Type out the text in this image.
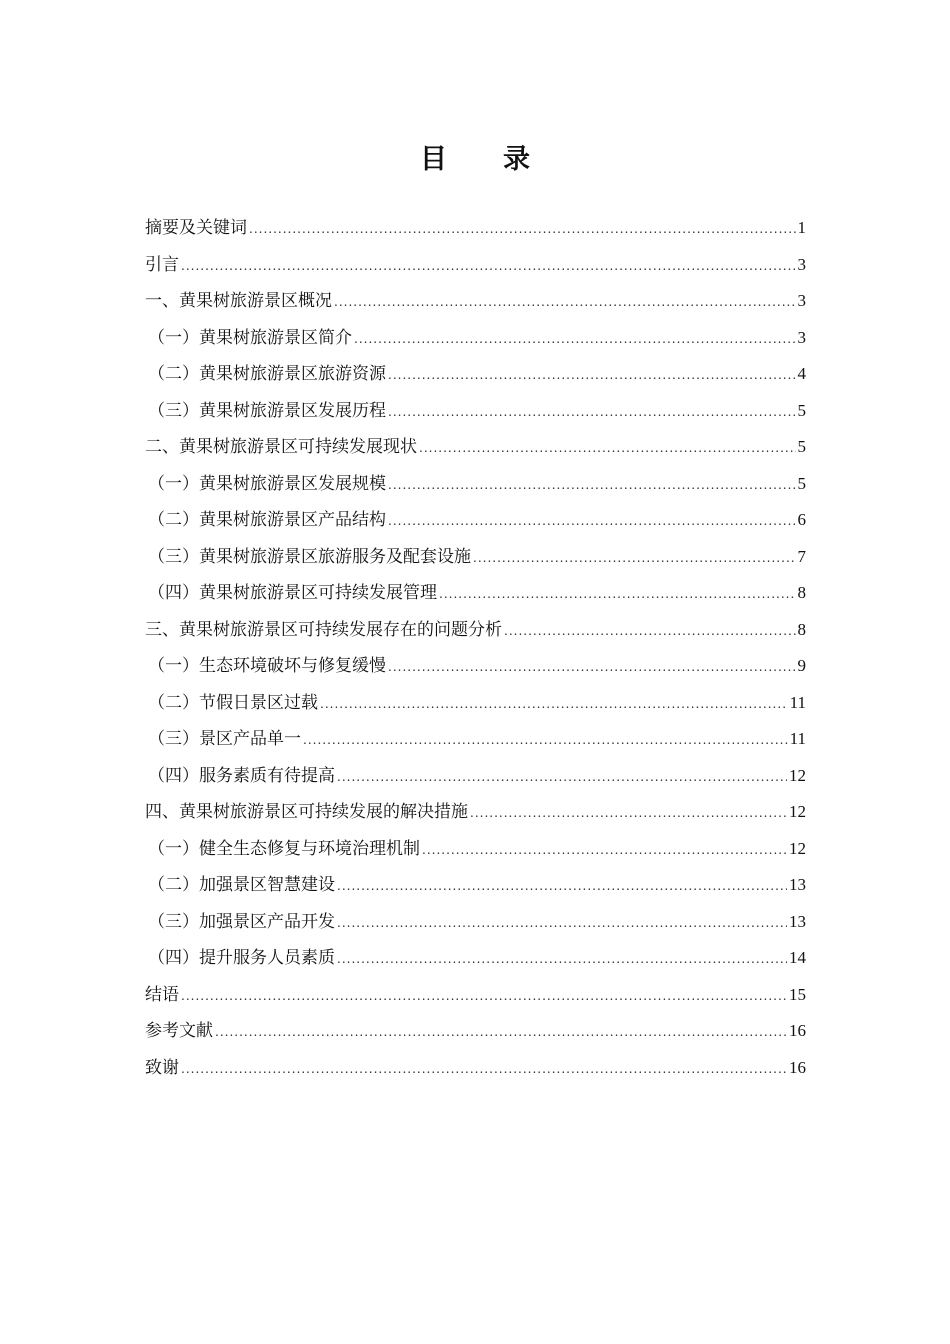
目录
摘要及关键词 .....	1
引言 .....	3
一、黄果树旅游景区概况 .....	3
（一）黄果树旅游景区简介 .....	3
（二）黄果树旅游景区旅游资源 .....	4
（三）黄果树旅游景区发展历程 .....	5
二、黄果树旅游景区可持续发展现状 .....	5
（一）黄果树旅游景区发展规模 .....	5
（二）黄果树旅游景区产品结构 .....	6
（三）黄果树旅游景区旅游服务及配套设施 .....	7
（四）黄果树旅游景区可持续发展管理 .....	8
三、黄果树旅游景区可持续发展存在的问题分析 .....	8
（一）生态环境破坏与修复缓慢 .....	9
（二）节假日景区过载 .....	11
（三）景区产品单一 .....	11
（四）服务素质有待提高 .....	12
四、黄果树旅游景区可持续发展的解决措施 .....	12
（一）健全生态修复与环境治理机制 .....	12
（二）加强景区智慧建设 .....	13
（三）加强景区产品开发 .....	13
（四）提升服务人员素质 .....	14
结语 .....	15
参考文献 .....	16
致谢 .....	16
